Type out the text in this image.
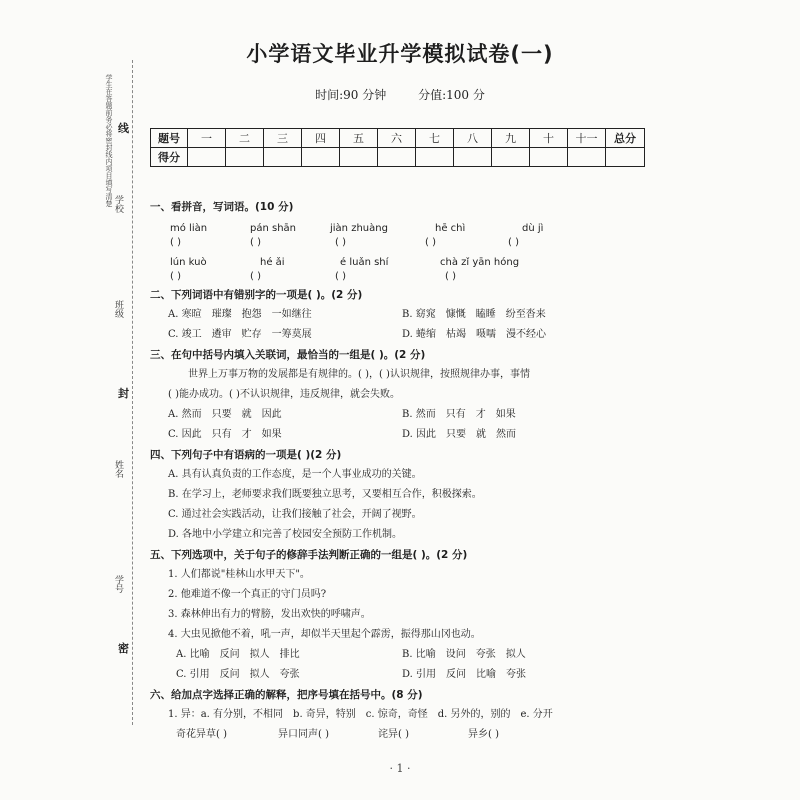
学生在答题前务必将密封线内项目填写清楚 线
学校
班级
封
姓名
学号
密
小学语文毕业升学模拟试卷(一)
时间:90 分钟	分值:100 分
题号	一	二	三	四	五	六	七	八	九	十	十一	总分
得分												
一、看拼音，写词语。(10 分)
mó liàn
( )
pán shān
( )
jiàn zhuàng
( )
hē chì
( )
dù jì
( )
lún kuò
( )
hé ǎi
( )
é luǎn shí
( )
chà zǐ yān hóng
( )
二、下列词语中有错别字的一项是( )。(2 分)
A. 寒暄　璀璨　抱怨　一如继往	B. 窈窕　慷慨　瞌睡　纷至沓来
C. 竣工　遴审　贮存　一筹莫展	D. 蜷缩　枯竭　嗫嚅　漫不经心
三、在句中括号内填入关联词，最恰当的一组是( )。(2 分)
世界上万事万物的发展都是有规律的。( )，( )认识规律，按照规律办事，事情
( )能办成功。( )不认识规律，违反规律，就会失败。
A. 然而　只要　就　因此	B. 然而　只有　才　如果
C. 因此　只有　才　如果	D. 因此　只要　就　然而
四、下列句子中有语病的一项是( )(2 分)
A. 具有认真负责的工作态度，是一个人事业成功的关键。
B. 在学习上，老师要求我们既要独立思考，又要相互合作，积极探索。
C. 通过社会实践活动，让我们接触了社会，开阔了视野。
D. 各地中小学建立和完善了校园安全预防工作机制。
五、下列选项中，关于句子的修辞手法判断正确的一组是( )。(2 分)
1. 人们都说"桂林山水甲天下"。
2. 他难道不像一个真正的守门员吗?
3. 森林伸出有力的臂膀，发出欢快的呼啸声。
4. 大虫见掀他不着，吼一声，却似半天里起个霹雳，振得那山冈也动。
A. 比喻　反问　拟人　排比	B. 比喻　设问　夸张　拟人
C. 引用　反问　拟人　夸张	D. 引用　反问　比喻　夸张
六、给加点字选择正确的解释，把序号填在括号中。(8 分)
1. 异：a. 有分别，不相同　b. 奇异，特别　c. 惊奇，奇怪　d. 另外的，别的　e. 分开
奇花异草( )	异口同声( )	诧异( )	异乡( )
· 1 ·
